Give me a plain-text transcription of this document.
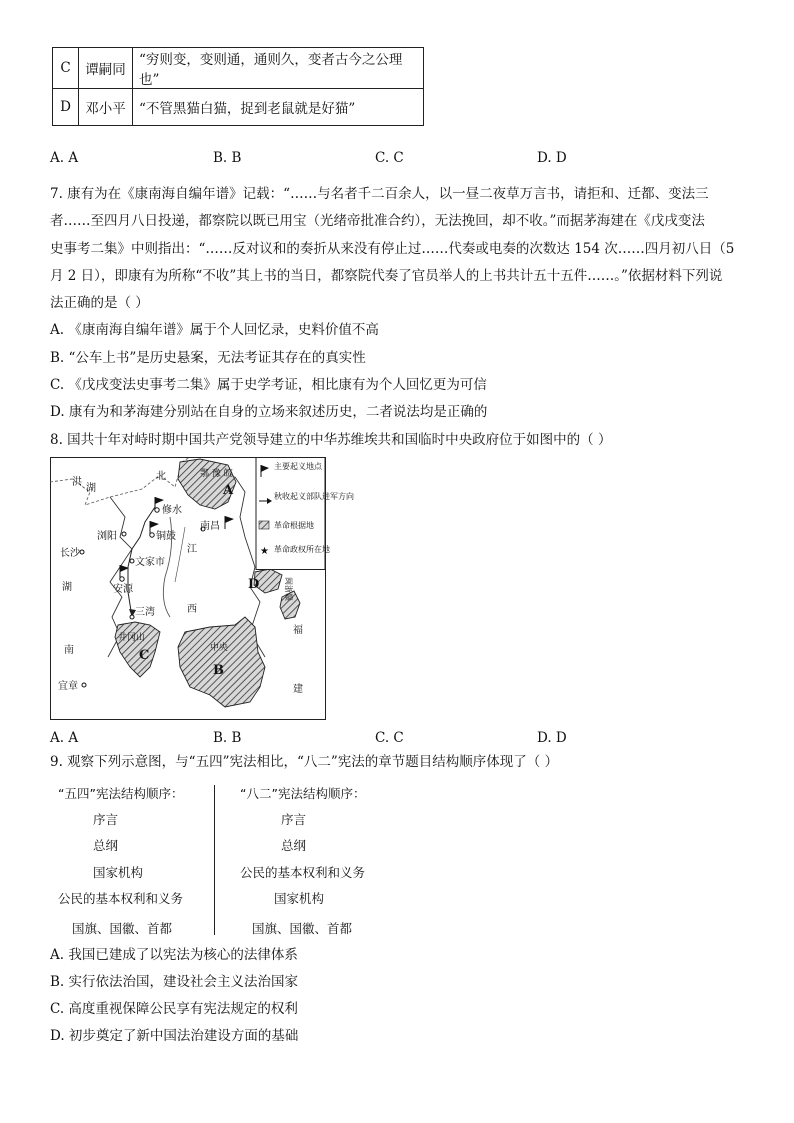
C	谭嗣同	“穷则变，变则通，通则久，变者古今之公理也”
D	邓小平	“不管黑猫白猫，捉到老鼠就是好猫”
A. A	B. B	C. C	D. D
7. 康有为在《康南海自编年谱》记载：“……与名者千二百余人，以一昼二夜草万言书，请拒和、迁都、变法三
者……至四月八日投递，都察院以既已用宝（光绪帝批准合约），无法挽回，却不收。”而据茅海建在《戊戌变法
史事考二集》中则指出：“……反对议和的奏折从来没有停止过……代奏或电奏的次数达 154 次……四月初八日（5
月 2 日），即康有为所称“不收”其上书的当日，都察院代奏了官员举人的上书共计五十五件……。”依据材料下列说
法正确的是（ ）
A. 《康南海自编年谱》属于个人回忆录，史料价值不高
B. “公车上书”是历史悬案，无法考证其存在的真实性
C. 《戊戌变法史事考二集》属于史学考证，相比康有为个人回忆更为可信
D. 康有为和茅海建分别站在自身的立场来叙述历史，二者说法均是正确的
8. 国共十年对峙时期中国共产党领导建立的中华苏维埃共和国临时中央政府位于如图中的（ ）
洪
湖
北	鄂 豫 皖
修水
铜鼓
浏阳
南昌
江
长沙
文家市
安源
湖
三湾	西
井冈山
中央
南
宜章
福
建
闽浙赣
A
B
C
D
主要起义地点
秋收起义部队进军方向
革命根据地
★ 革命政权所在地
A. A	B. B	C. C	D. D
9. 观察下列示意图，与“五四”宪法相比，“八二”宪法的章节题目结构顺序体现了（ ）
“五四”宪法结构顺序：
序言
总纲
国家机构
公民的基本权利和义务
国旗、国徽、首都
“八二”宪法结构顺序：
序言
总纲
公民的基本权利和义务
国家机构
国旗、国徽、首都
A. 我国已建成了以宪法为核心的法律体系
B. 实行依法治国，建设社会主义法治国家
C. 高度重视保障公民享有宪法规定的权利
D. 初步奠定了新中国法治建设方面的基础
